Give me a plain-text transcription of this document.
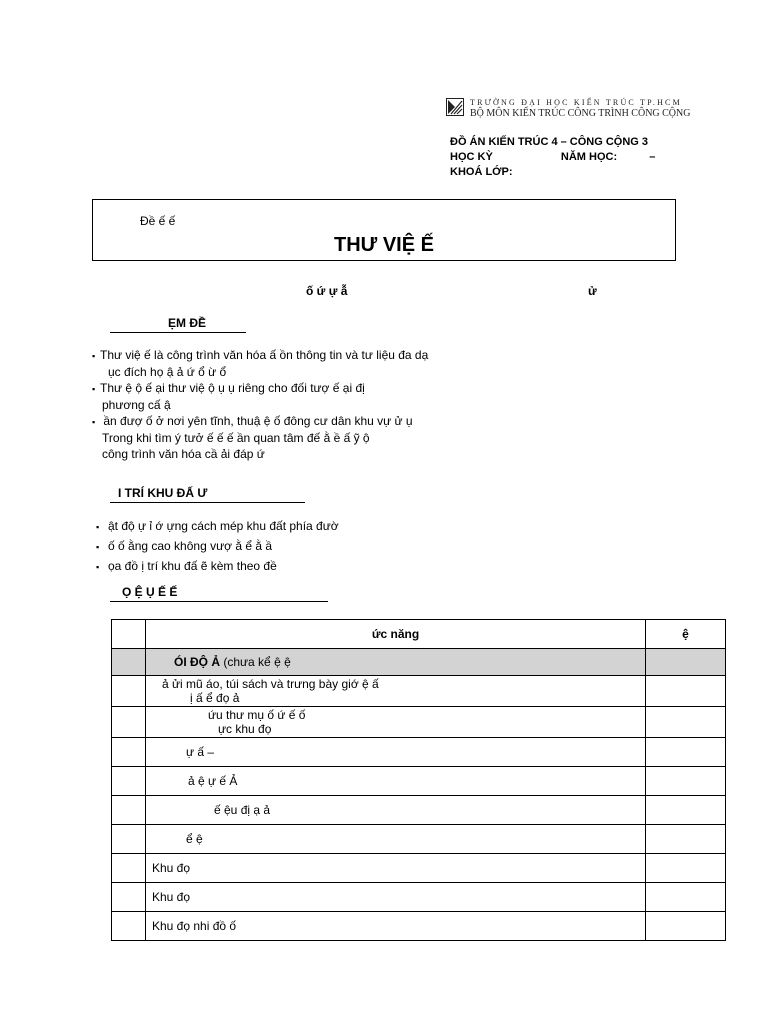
TRƯỜNG ĐẠI HỌC KIẾN TRÚC TP.HCM
BỘ MÔN KIẾN TRÚC CÔNG TRÌNH CÔNG CỘNG
ĐỒ ÁN KIẾN TRÚC 4 – CÔNG CỘNG 3
HỌC KỲ	NĂM HỌC:	–
KHOÁ LỚP:
Đề ế ế
THƯ VIỆ Ế
ố ứ ự ẫ	ử
ẸM ĐỀ
▪ Thư việ ế là công trình văn hóa ấ ồn thông tin và tư liệu đa dạ
ục đích họ ậ ả ứ ổ ừ ổ
▪ Thư ệ ộ ế ại thư việ ộ ụ ụ riêng cho đối tượ ế ại đị
phương cấ ậ
▪ ần đượ ố ở nơi yên tĩnh, thuậ ệ ố đông cư dân khu vự ử ụ
Trong khi tìm ý tưở ế ế ế ần quan tâm đế ằ ề ấ ỹ ộ
công trình văn hóa cầ ải đáp ứ
I TRÍ KHU ĐẤ Ư
▪ ật độ ự ỉ ớ ựng cách mép khu đất phía đườ
▪ ố ố ằng cao không vượ ằ ể ằ ầ
▪ ọa đồ ị trí khu đấ ẽ kèm theo đề
Ọ Ệ Ụ Ế Ế
	ức năng	ệ
	ÓI ĐỘ Ả (chưa kể ệ ệ	

	ả ửi mũ áo, túi sách và trưng bày giớ ệ ấ
ị ấ ể đọ ả	

	ứu thư mụ ố ứ ế ố
ực khu đọ	

	ự ấ –	
	ả ệ ự ế Ả	
	ế ệu đị ạ ả	
	ể ệ	
	Khu đọ	
	Khu đọ	
	Khu đọ nhi đồ ố	
